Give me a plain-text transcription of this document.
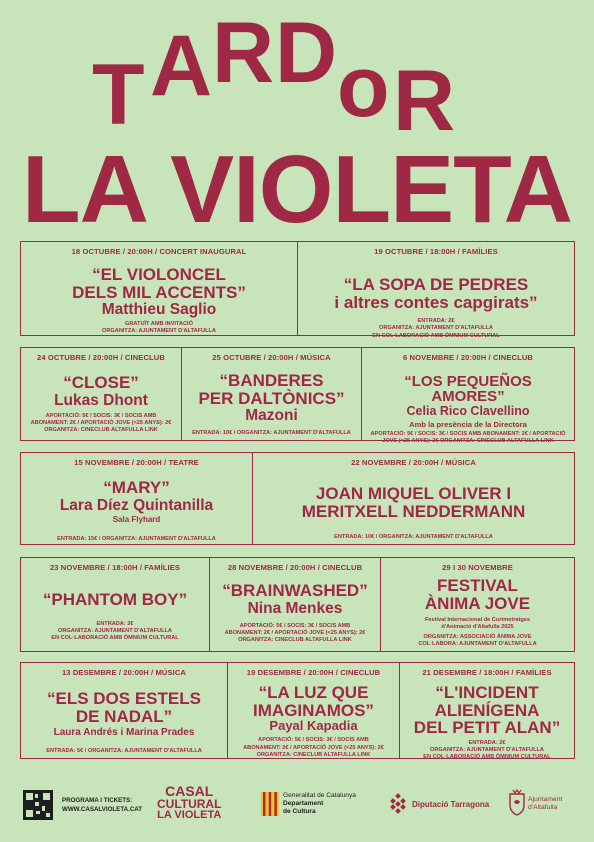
T A R D o R
LA VIOLETA
18 OCTUBRE / 20:00H / CONCERT INAUGURAL
“EL VIOLONCEL
DELS MIL ACCENTS”
Matthieu Saglio
GRATUÏT AMB INVITACIÓ
ORGANITZA: AJUNTAMENT D'ALTAFULLA
19 OCTUBRE / 18:00H / FAMÍLIES
“LA SOPA DE PEDRES
i altres contes capgirats”
ENTRADA: 2€
ORGANITZA: AJUNTAMENT D'ALTAFULLA
EN COL·LABORACIÓ AMB ÒMNIUM CULTURAL
24 OCTUBRE / 20:00H / CINECLUB
“CLOSE”
Lukas Dhont
APORTACIÓ: 5€ / SOCIS: 3€ / SOCIS AMB
ABONAMENT: 2€ / APORTACIÓ JOVE (<25 ANYS): 2€
ORGANITZA: CINECLUB ALTAFULLA LINK
25 OCTUBRE / 20:00H / MÚSICA
“BANDERES
PER DALTÒNICS”
Mazoni
ENTRADA: 10€ / ORGANITZA: AJUNTAMENT D'ALTAFULLA
6 NOVEMBRE / 20:00H / CINECLUB
“LOS PEQUEÑOS AMORES”
Celia Rico Clavellino
Amb la presència de la Directora
APORTACIÓ: 5€ / SOCIS: 3€ / SOCIS AMB ABONAMENT: 2€ / APORTACIÓ
JOVE (<25 ANYS): 2€ ORGANITZA: CINECLUB ALTAFULLA LINK
15 NOVEMBRE / 20:00H / TEATRE
“MARY”
Lara Díez Quintanilla
Sala Flyhard
ENTRADA: 15€ / ORGANITZA: AJUNTAMENT D'ALTAFULLA
22 NOVEMBRE / 20:00H / MÚSICA
JOAN MIQUEL OLIVER I
MERITXELL NEDDERMANN
ENTRADA: 10€ / ORGANITZA: AJUNTAMENT D'ALTAFULLA
23 NOVEMBRE / 18:00H / FAMÍLIES
“PHANTOM BOY”
ENTRADA: 2€
ORGANITZA: AJUNTAMENT D'ALTAFULLA
EN COL·LABORACIÓ AMB ÒMNIUM CULTURAL
28 NOVEMBRE / 20:00H / CINECLUB
“BRAINWASHED”
Nina Menkes
APORTACIÓ: 5€ / SOCIS: 3€ / SOCIS AMB
ABONAMENT: 2€ / APORTACIÓ JOVE (<25 ANYS): 2€
ORGANITZA: CINECLUB ALTAFULLA LINK
29 I 30 NOVEMBRE
FESTIVAL
ÀNIMA JOVE
Festival Internacional de Curtmetratges
d'Animació d'Altafulla 2025
ORGANITZA: ASSOCIACIÓ ÀNIMA JOVE
COL·LABORA: AJUNTAMENT D'ALTAFULLA
13 DESEMBRE / 20:00H / MÚSICA
“ELS DOS ESTELS
DE NADAL”
Laura Andrés i Marina Prades
ENTRADA: 5€ / ORGANITZA: AJUNTAMENT D'ALTAFULLA
19 DESEMBRE / 20:00H / CINECLUB
“LA LUZ QUE
IMAGINAMOS”
Payal Kapadia
APORTACIÓ: 5€ / SOCIS: 3€ / SOCIS AMB
ABONAMENT: 2€ / APORTACIÓ JOVE (<25 ANYS): 2€
ORGANITZA: CINECLUB ALTAFULLA LINK
21 DESEMBRE / 18:00H / FAMÍLIES
“L'INCIDENT
ALIENÍGENA
DEL PETIT ALAN”
ENTRADA: 2€
ORGANITZA: AJUNTAMENT D'ALTAFULLA
EN COL·LABORACIÓ AMB ÒMNIUM CULTURAL
PROGRAMA I TICKETS:
WWW.CASALVIOLETA.CAT
CASAL
CULTURAL
LA VIOLETA
Generalitat de Catalunya
Departament
de Cultura
Diputació Tarragona
Ajuntament
d'Altafulla
